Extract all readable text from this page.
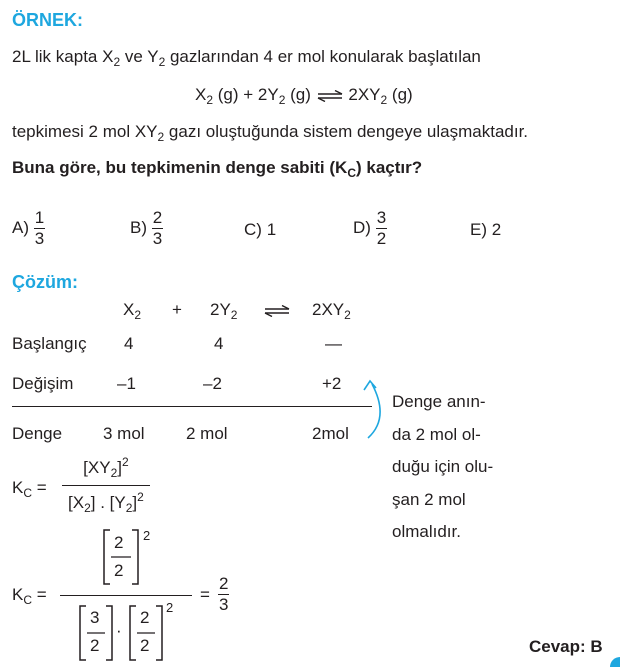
ÖRNEK:
2L lik kapta $X_2$ ve $Y_2$ gazlarından 4 er mol konularak başlatılan
$X_2$ $(g) + 2Y_2$ (g) ⇌ $2XY_2$ (g)
tepkimesi 2 mol $XY_2$ gazı oluştuğunda sistem dengeye ulaşmaktadır.
Buna göre, bu tepkimenin denge sabiti $(K_C)$ kaçtır?
$A) \frac{1}{3}$	$B) \frac{2}{3}$	C) 1	$D) \frac{3}{2}$	E) 2
Çözüm:
$X_2 + 2Y_2$ ⇌ $2XY_2$
Başlangıç 4	4	—
Değişim	–1	–2	+2
Denge 3 mol 2 mol	2mol
Denge anın-
da 2 mol ol-
duğu için olu-
şan 2 mol
olmalıdır.
$K_C = \frac{[XY_2]^2}{[X_2] . [Y_2]^2}$
$K_C$ =
2
2
2
3
2
·
2
2
2
= $\frac{2}{3}$
Cevap: B
